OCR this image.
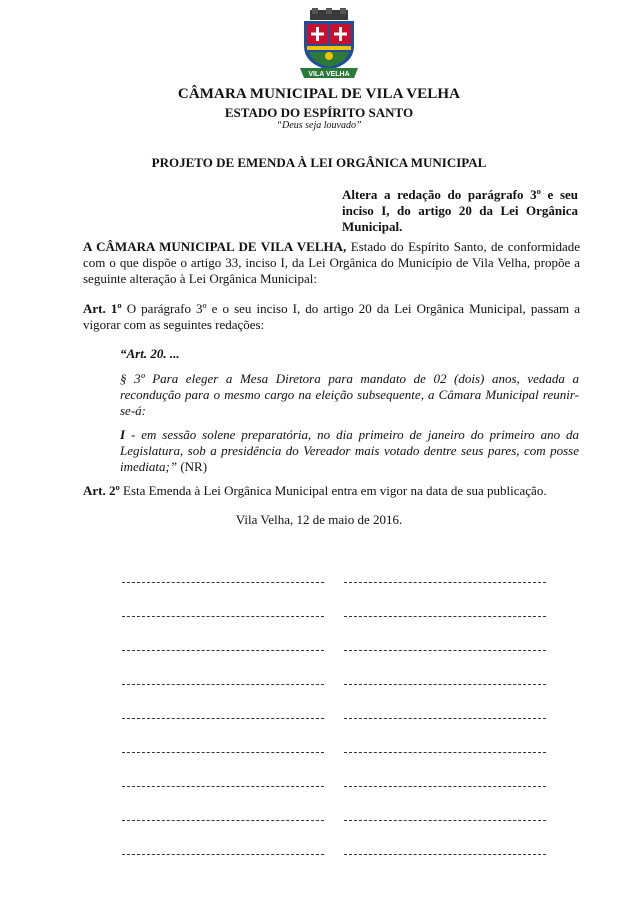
VILA VELHA
CÂMARA MUNICIPAL DE VILA VELHA
ESTADO DO ESPÍRITO SANTO
“Deus seja louvado”
PROJETO DE EMENDA À LEI ORGÂNICA MUNICIPAL
Altera a redação do parágrafo 3º e seu inciso I, do artigo 20 da Lei Orgânica Municipal.
A CÂMARA MUNICIPAL DE VILA VELHA, Estado do Espírito Santo, de conformidade com o que dispõe o artigo 33, inciso I, da Lei Orgânica do Município de Vila Velha, propõe a seguinte alteração à Lei Orgânica Municipal:
Art. 1º O parágrafo 3º e o seu inciso I, do artigo 20 da Lei Orgânica Municipal, passam a vigorar com as seguintes redações:
“Art. 20. ...
§ 3º Para eleger a Mesa Diretora para mandato de 02 (dois) anos, vedada a recondução para o mesmo cargo na eleição subsequente, a Câmara Municipal reunir-se-á:
I - em sessão solene preparatória, no dia primeiro de janeiro do primeiro ano da Legislatura, sob a presidência do Vereador mais votado dentre seus pares, com posse imediata;” (NR)
Art. 2º Esta Emenda à Lei Orgânica Municipal entra em vigor na data de sua publicação.
Vila Velha, 12 de maio de 2016.
